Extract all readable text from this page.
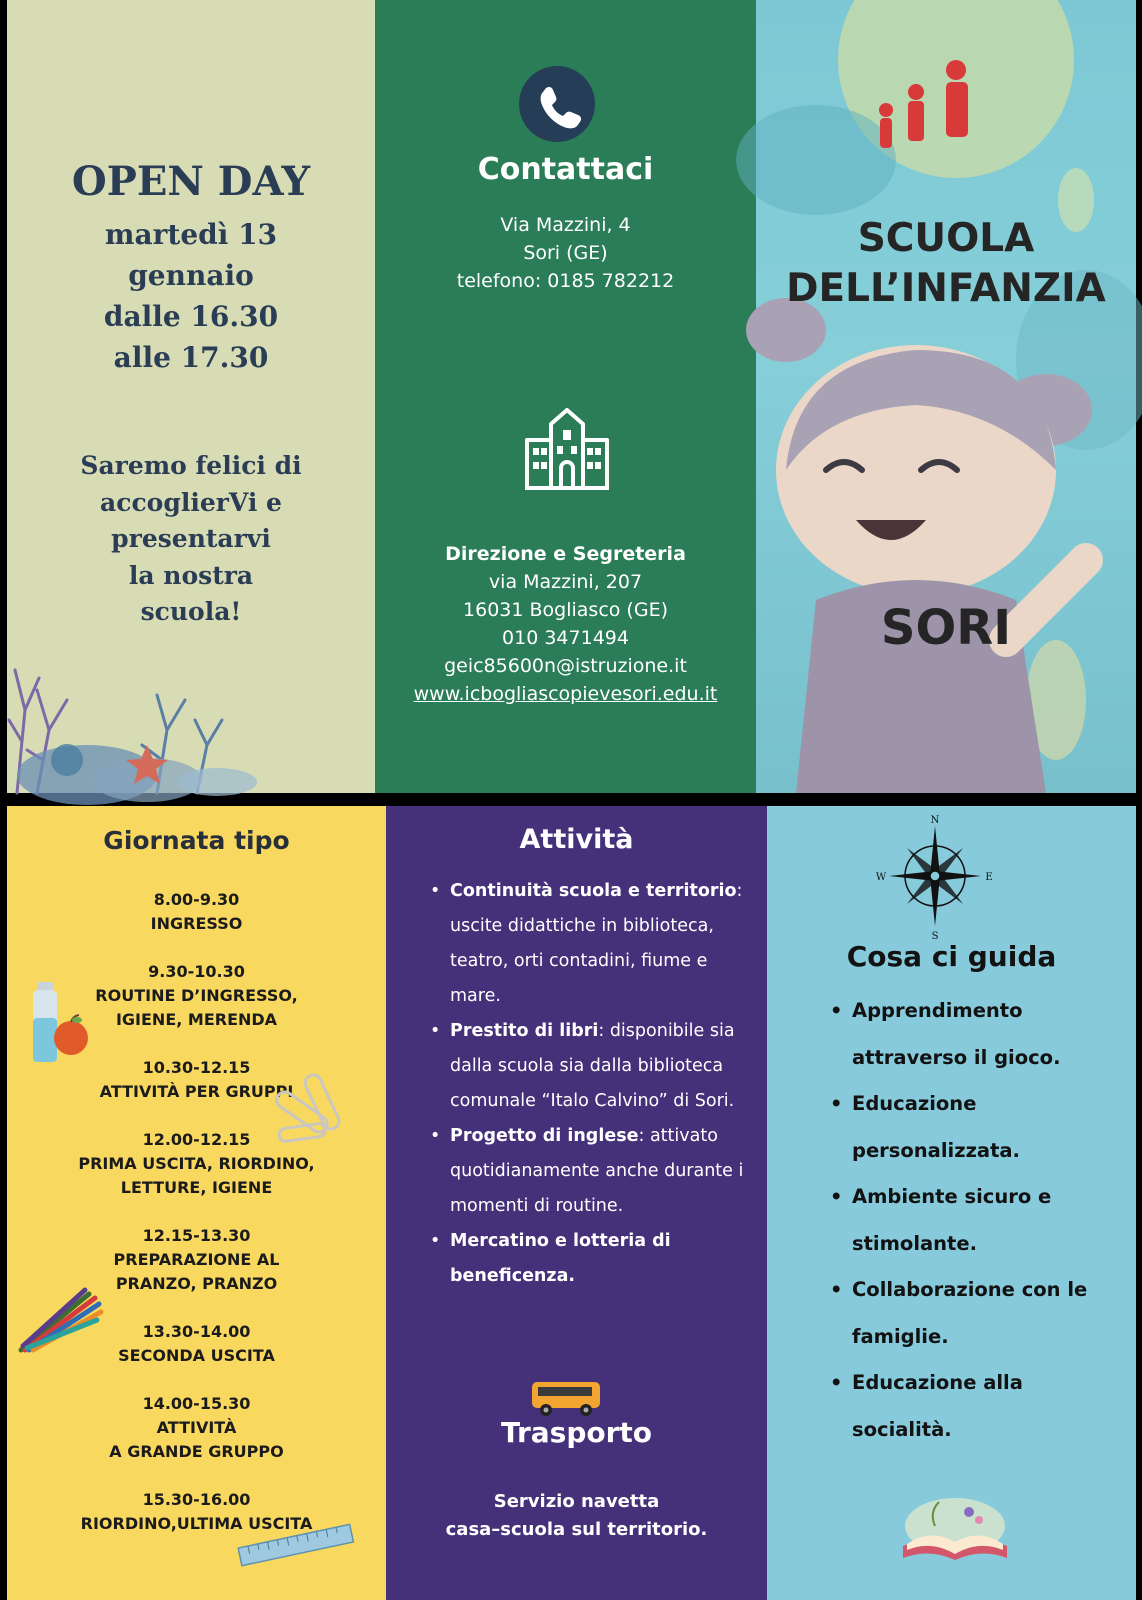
OPEN DAY
martedì 13
gennaio
dalle 16.30
alle 17.30
Saremo felici di
accoglierVi e
presentarvi
la nostra
scuola!
Contattaci
Via Mazzini, 4
Sori (GE)
telefono: 0185 782212
Direzione e Segreteria
via Mazzini, 207
16031 Bogliasco (GE)
010 3471494
geic85600n@istruzione.it
www.icbogliascopievesori.edu.it
SCUOLA
DELL’INFANZIA
SORI
Giornata tipo
8.00-9.30
INGRESSO
9.30-10.30
ROUTINE D’INGRESSO,
IGIENE, MERENDA
10.30-12.15
ATTIVITÀ PER GRUPPI
12.00-12.15
PRIMA USCITA, RIORDINO,
LETTURE, IGIENE
12.15-13.30
PREPARAZIONE AL
PRANZO, PRANZO
13.30-14.00
SECONDA USCITA
14.00-15.30
ATTIVITÀ
A GRANDE GRUPPO
15.30-16.00
RIORDINO,ULTIMA USCITA
Attività
• Continuità scuola e territorio: uscite didattiche in biblioteca, teatro, orti contadini, fiume e mare.
• Prestito di libri: disponibile sia dalla scuola sia dalla biblioteca comunale “Italo Calvino” di Sori.
• Progetto di inglese: attivato quotidianamente anche durante i momenti di routine.
• Mercatino e lotteria di beneficenza.
Trasporto
Servizio navetta
casa–scuola sul territorio.
N
S
E
W
Cosa ci guida
• Apprendimento attraverso il gioco.
• Educazione personalizzata.
• Ambiente sicuro e stimolante.
• Collaborazione con le famiglie.
• Educazione alla socialità.
